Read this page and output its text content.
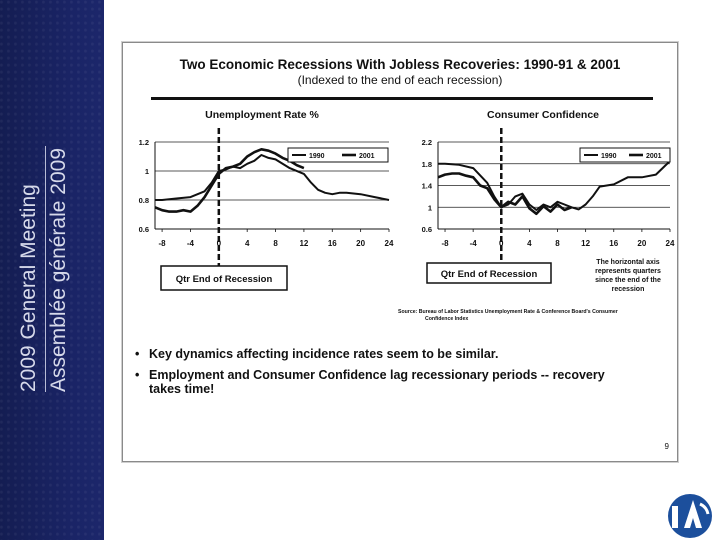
2009 General Meeting Assemblée générale 2009
Two Economic Recessions With Jobless Recoveries: 1990-91 & 2001
(Indexed to the end of each recession)
• Key dynamics affecting incidence rates seem to be similar.
• Employment and Consumer Confidence lag recessionary periods -- recovery
takes time!
9
Unemployment Rate %	Consumer Confidence
0.6
0.8
1
1.2
-8	-4	0	4	8	12 16 20 24
1990	2001
0.6
1
1.4
1.8
2.2
-8	-4	0	4	8	12 16 20 24
1990	2001
Qtr End of Recession	Qtr End of Recession
The horizontal axis
represents quarters
since the end of the
recession
Source: Bureau of Labor Statistics Unemployment Rate & Conference Board's Consumer
Confidence Index
